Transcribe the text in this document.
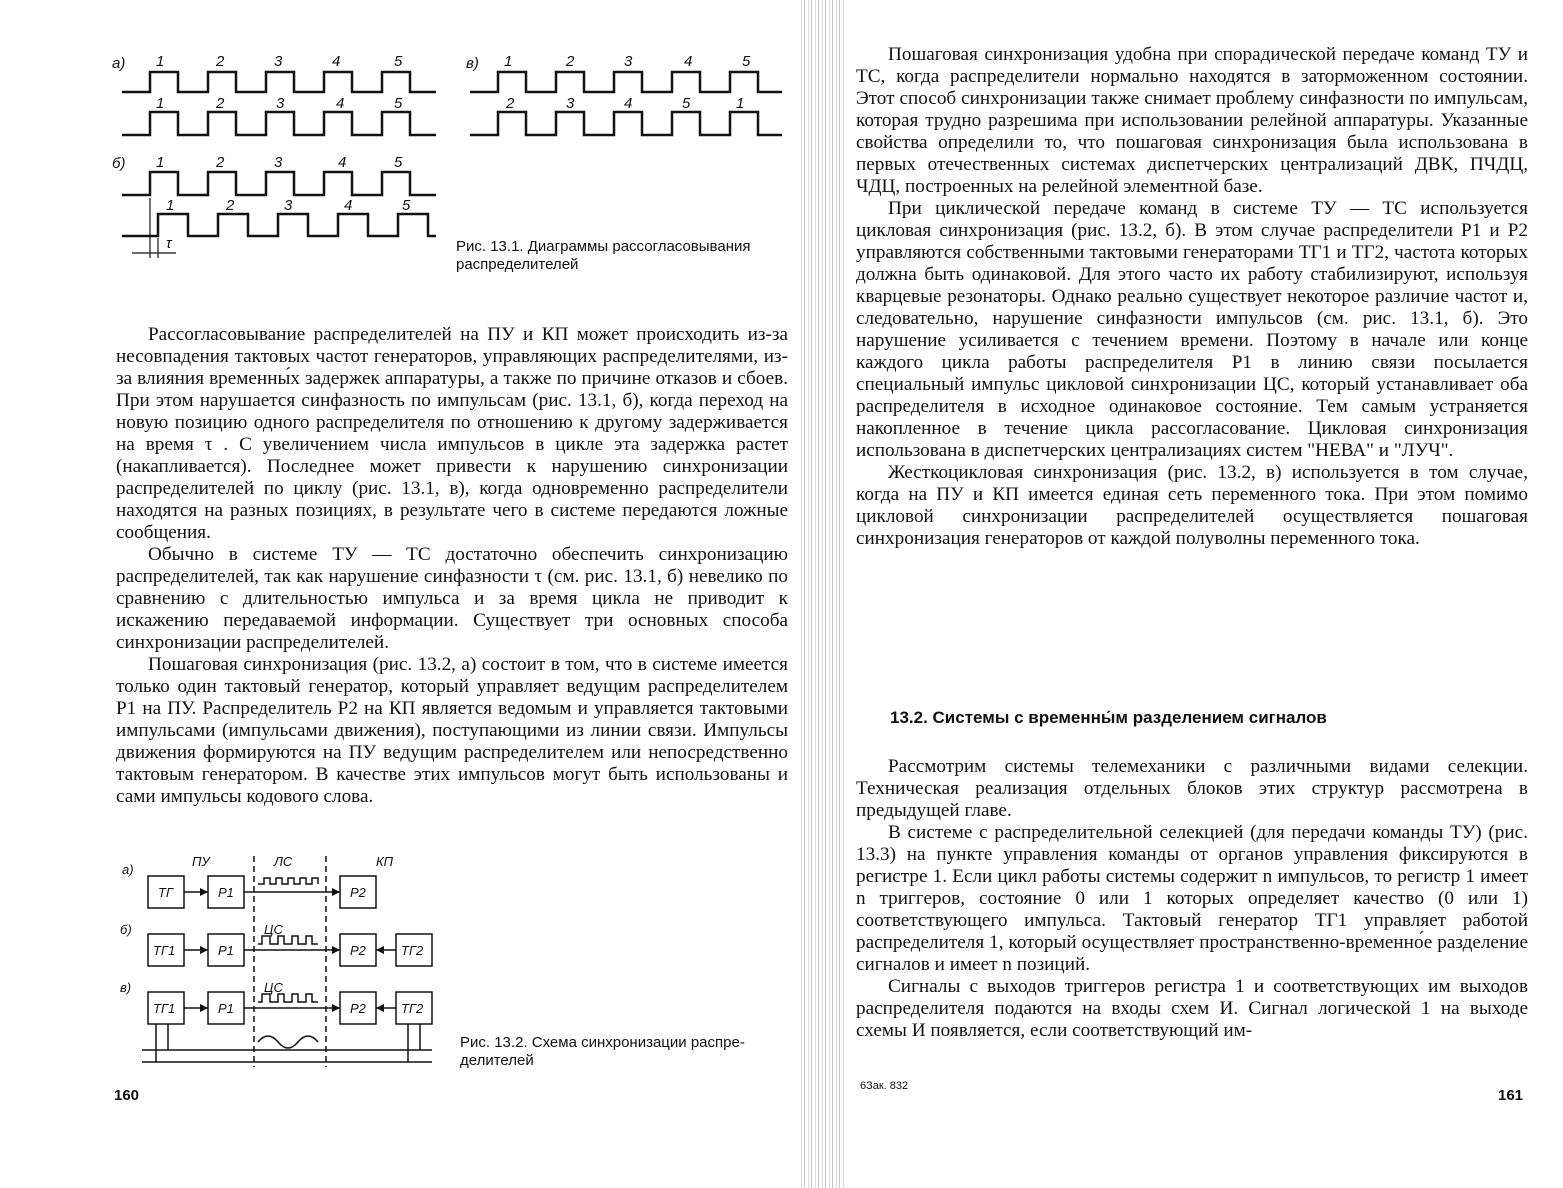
а)
б)
в)
1	2	3	4	5
1	2	3	4	5
1	2	3	4	5
2	3	4	5	1
1	2	3	4	5
1	2	3	4	5
τ	Рис. 13.1. Диаграммы рассогласовывания
распределителей

Рассогласовывание распределителей на ПУ и КП может происходить из-за несовпадения тактовых частот генераторов, управляющих распределителями, из-за влияния временны́х задержек аппаратуры, а также по причине отказов и сбоев. При этом нарушается синфазность по импульсам (рис. 13.1, б), когда переход на новую позицию одного распределителя по отношению к другому задерживается на время τ . С увеличением числа импульсов в цикле эта задержка растет (накапливается). Последнее может привести к нарушению синхронизации распределителей по циклу (рис. 13.1, в), когда одновременно распределители находятся на разных позициях, в результате чего в системе передаются ложные сообщения.

Обычно в системе ТУ — ТС достаточно обеспечить синхронизацию распределителей, так как нарушение синфазности τ (см. рис. 13.1, б) невелико по сравнению с длительностью импульса и за время цикла не приводит к искажению передаваемой информации. Существует три основных способа синхронизации распределителей.

Пошаговая синхронизация (рис. 13.2, а) состоит в том, что в системе имеется только один тактовый генератор, который управляет ведущим распределителем Р1 на ПУ. Распределитель Р2 на КП является ведомым и управляется тактовыми импульсами (импульсами движения), поступающими из линии связи. Импульсы движения формируются на ПУ ведущим распределителем или непосредственно тактовым генератором. В качестве этих импульсов могут быть использованы и сами импульсы кодового слова.

а)
б)
в)
ПУ	ЛС	КП
ТГ	Р1	Р2
ТГ1	Р1	Р2	ТГ2
ЦС
ТГ1	Р1	Р2	ТГ2
ЦС
Рис. 13.2. Схема синхронизации распре-
делителей
160

Пошаговая синхронизация удобна при спорадической передаче команд ТУ и ТС, когда распределители нормально находятся в заторможенном состоянии. Этот способ синхронизации также снимает проблему синфазности по импульсам, которая трудно разрешима при использовании релейной аппаратуры. Указанные свойства определили то, что пошаговая синхронизация была использована в первых отечественных системах диспетчерских централизаций ДВК, ПЧДЦ, ЧДЦ, построенных на релейной элементной базе.

При циклической передаче команд в системе ТУ — ТС используется цикловая синхронизация (рис. 13.2, б). В этом случае распределители Р1 и Р2 управляются собственными тактовыми генераторами ТГ1 и ТГ2, частота которых должна быть одинаковой. Для этого часто их работу стабилизируют, используя кварцевые резонаторы. Однако реально существует некоторое различие частот и, следовательно, нарушение синфазности импульсов (см. рис. 13.1, б). Это нарушение усиливается с течением времени. Поэтому в начале или конце каждого цикла работы распределителя Р1 в линию связи посылается специальный импульс цикловой синхронизации ЦС, который устанавливает оба распределителя в исходное одинаковое состояние. Тем самым устраняется накопленное в течение цикла рассогласование. Цикловая синхронизация использована в диспетчерских централизациях систем "НЕВА" и "ЛУЧ".

Жесткоцикловая синхронизация (рис. 13.2, в) используется в том случае, когда на ПУ и КП имеется единая сеть переменного тока. При этом помимо цикловой синхронизации распределителей осуществляется пошаговая синхронизация генераторов от каждой полуволны переменного тока.

13.2. Системы с временны́м разделением сигналов

Рассмотрим системы телемеханики с различными видами селекции. Техническая реализация отдельных блоков этих структур рассмотрена в предыдущей главе.

В системе с распределительной селекцией (для передачи команды ТУ) (рис. 13.3) на пункте управления команды от органов управления фиксируются в регистре 1. Если цикл работы системы содержит n импульсов, то регистр 1 имеет n триггеров, состояние 0 или 1 которых определяет качество (0 или 1) соответствующего импульса. Тактовый генератор ТГ1 управляет работой распределителя 1, который осуществляет пространственно-временно́е разделение сигналов и имеет n позиций.

Сигналы с выходов триггеров регистра 1 и соответствующих им выходов распределителя подаются на входы схем И. Сигнал логической 1 на выходе схемы И появляется, если соответствующий им-

6Зак. 832
161
